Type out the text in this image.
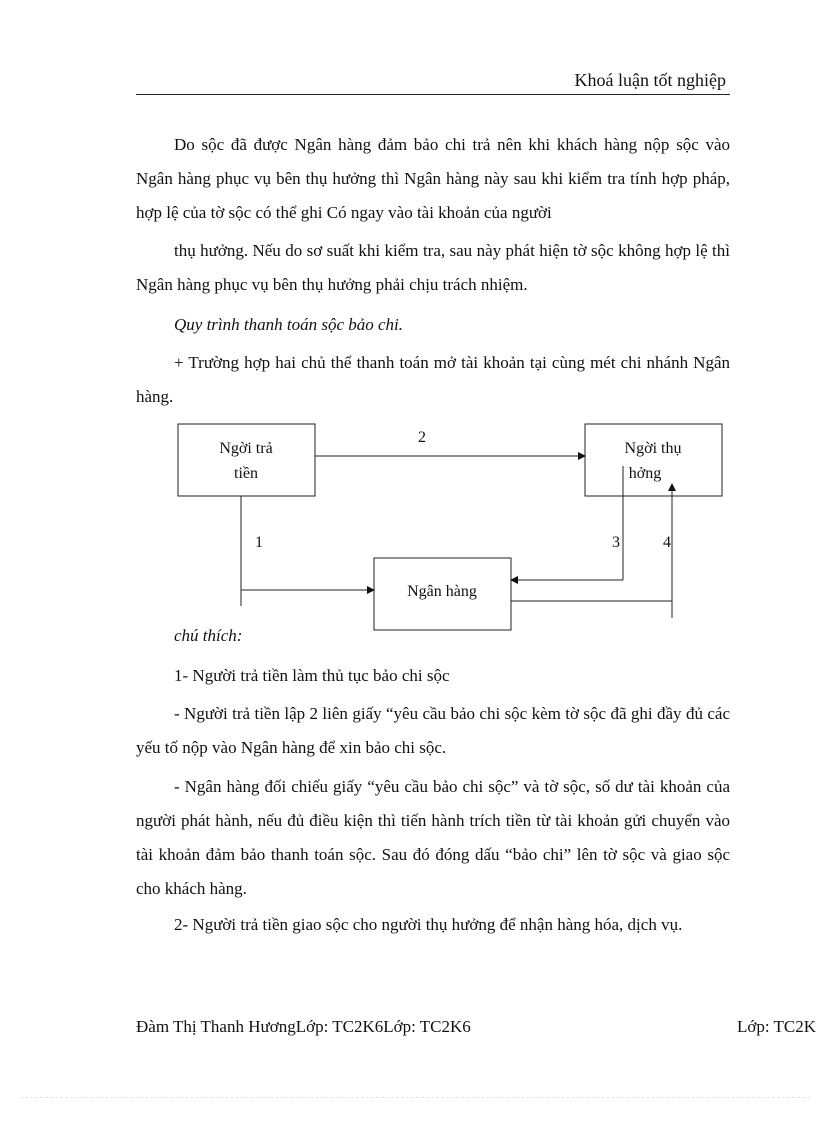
Khoá luận tốt nghiệp

Do sộc đã được Ngân hàng đảm bảo chi trả nên khi khách hàng nộp sộc vào Ngân hàng phục vụ bên thụ hưởng thì Ngân hàng này sau khi kiểm tra tính hợp pháp, hợp lệ của tờ sộc có thể ghi Có ngay vào tài khoản của người

thụ hưởng. Nếu do sơ suất khi kiểm tra, sau này phát hiện tờ sộc không hợp lệ thì Ngân hàng phục vụ bên thụ hưởng phải chịu trách nhiệm.

Quy trình thanh toán sộc bảo chi.

+ Trường hợp hai chủ thể thanh toán mở tài khoản tại cùng mét chi nhánh Ngân hàng.

Ngời trả
tiền
Ngời thụ
hởng
Ngân hàng
2
1	3	4

chú thích:

1- Người trả tiền làm thủ tục bảo chi sộc

- Người trả tiền lập 2 liên giấy “yêu cầu bảo chi sộc kèm tờ sộc đã ghi đầy đủ các yếu tố nộp vào Ngân hàng để xin bảo chi sộc.

- Ngân hàng đối chiếu giấy “yêu cầu bảo chi sộc” và tờ sộc, số dư tài khoản của người phát hành, nếu đủ điều kiện thì tiến hành trích tiền từ tài khoản gửi chuyển vào tài khoản đảm bảo thanh toán sộc. Sau đó đóng dấu “bảo chi” lên tờ sộc và giao sộc cho khách hàng.

2- Người trả tiền giao sộc cho người thụ hưởng để nhận hàng hóa, dịch vụ.

Đàm Thị Thanh HươngLớp: TC2K6Lớp: TC2K6	Lớp: TC2K
